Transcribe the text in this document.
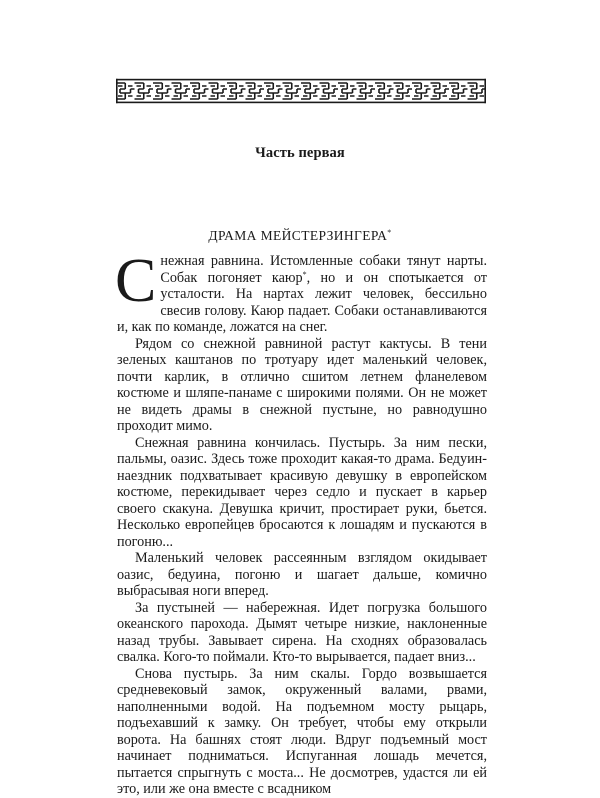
Часть первая
ДРАМА МЕЙСТЕРЗИНГЕРА*

Снежная равнина. Истомленные собаки тянут нарты. Собак погоняет каюр*, но и он спотыкается от усталости. На нартах лежит человек, бессильно свесив голову. Каюр падает. Собаки останавливаются и, как по команде, ложатся на снег.

Рядом со снежной равниной растут кактусы. В тени зеленых каштанов по тротуару идет маленький человек, почти карлик, в отлично сшитом летнем фланелевом костюме и шляпе-панаме с широкими полями. Он не может не видеть драмы в снежной пустыне, но равнодушно проходит мимо.

Снежная равнина кончилась. Пустырь. За ним пески, пальмы, оазис. Здесь тоже проходит какая-то драма. Бедуин-наездник подхватывает красивую девушку в европейском костюме, перекидывает через седло и пускает в карьер своего скакуна. Девушка кричит, простирает руки, бьется. Несколько европейцев бросаются к лошадям и пускаются в погоню...

Маленький человек рассеянным взглядом окидывает оазис, бедуина, погоню и шагает дальше, комично выбрасывая ноги вперед.

За пустыней — набережная. Идет погрузка большого океанского парохода. Дымят четыре низкие, наклоненные назад трубы. Завывает сирена. На сходнях образовалась свалка. Кого-то поймали. Кто-то вырывается, падает вниз...

Снова пустырь. За ним скалы. Гордо возвышается средневековый замок, окруженный валами, рвами, наполненными водой. На подъемном мосту рыцарь, подъехавший к замку. Он требует, чтобы ему открыли ворота. На башнях стоят люди. Вдруг подъемный мост начинает подниматься. Испуганная лошадь мечется, пытается спрыгнуть с моста... Не досмотрев, удастся ли ей это, или же она вместе с всадником
